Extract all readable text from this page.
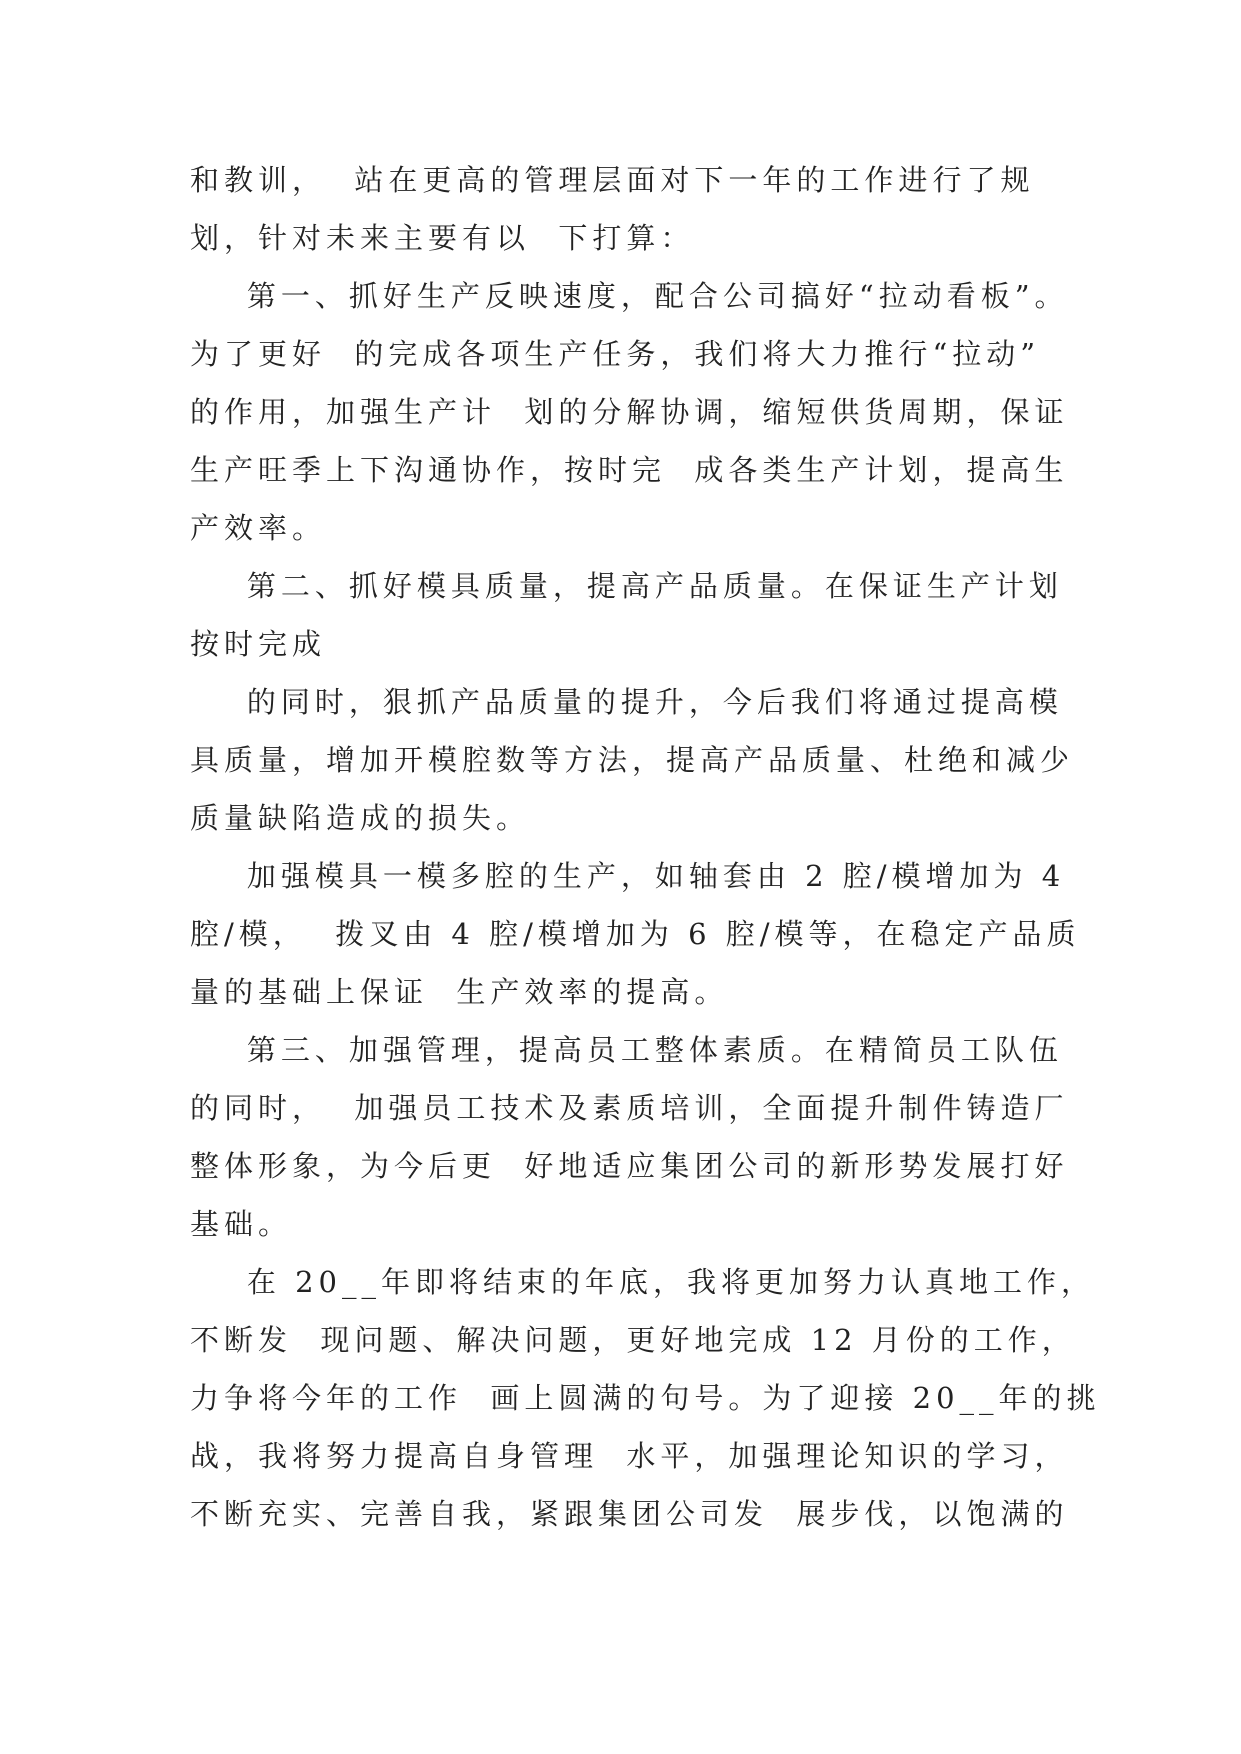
和教训，  站在更高的管理层面对下一年的工作进行了规
划，针对未来主要有以  下打算：
第一、抓好生产反映速度，配合公司搞好“拉动看板”。
为了更好  的完成各项生产任务，我们将大力推行“拉动”
的作用，加强生产计  划的分解协调，缩短供货周期，保证
生产旺季上下沟通协作，按时完  成各类生产计划，提高生
产效率。
第二、抓好模具质量，提高产品质量。在保证生产计划
按时完成
的同时，狠抓产品质量的提升，今后我们将通过提高模
具质量，增加开模腔数等方法，提高产品质量、杜绝和减少
质量缺陷造成的损失。
加强模具一模多腔的生产，如轴套由 2 腔/模增加为 4
腔/模，  拨叉由 4 腔/模增加为 6 腔/模等，在稳定产品质
量的基础上保证  生产效率的提高。
第三、加强管理，提高员工整体素质。在精简员工队伍
的同时，  加强员工技术及素质培训，全面提升制件铸造厂
整体形象，为今后更  好地适应集团公司的新形势发展打好
基础。
在 20__年即将结束的年底，我将更加努力认真地工作，
不断发  现问题、解决问题，更好地完成 12 月份的工作，
力争将今年的工作  画上圆满的句号。为了迎接 20__年的挑
战，我将努力提高自身管理  水平，加强理论知识的学习，
不断充实、完善自我，紧跟集团公司发  展步伐，以饱满的
